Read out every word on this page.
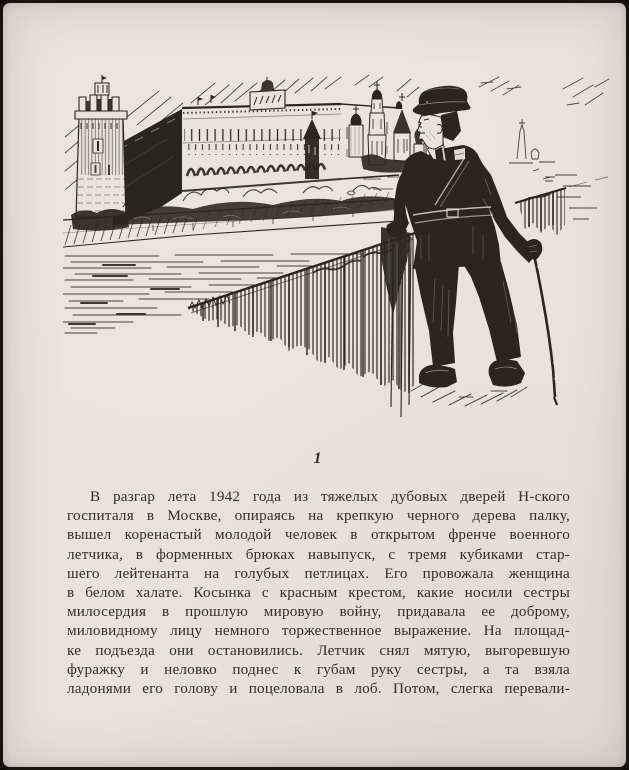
1
В разгар лета 1942 года из тяжелых дубовых дверей Н-ского
госпиталя в Москве, опираясь на крепкую черного дерева палку,
вышел коренастый молодой человек в открытом френче военного
летчика, в форменных брюках навыпуск, с тремя кубиками стар-
шего лейтенанта на голубых петлицах. Его провожала женщина
в белом халате. Косынка с красным крестом, какие носили сестры
милосердия в прошлую мировую войну, придавала ее доброму,
миловидному лицу немного торжественное выражение. На площад-
ке подъезда они остановились. Летчик снял мятую, выгоревшую
фуражку и неловко поднес к губам руку сестры, а та взяла
ладонями его голову и поцеловала в лоб. Потом, слегка перевали-
